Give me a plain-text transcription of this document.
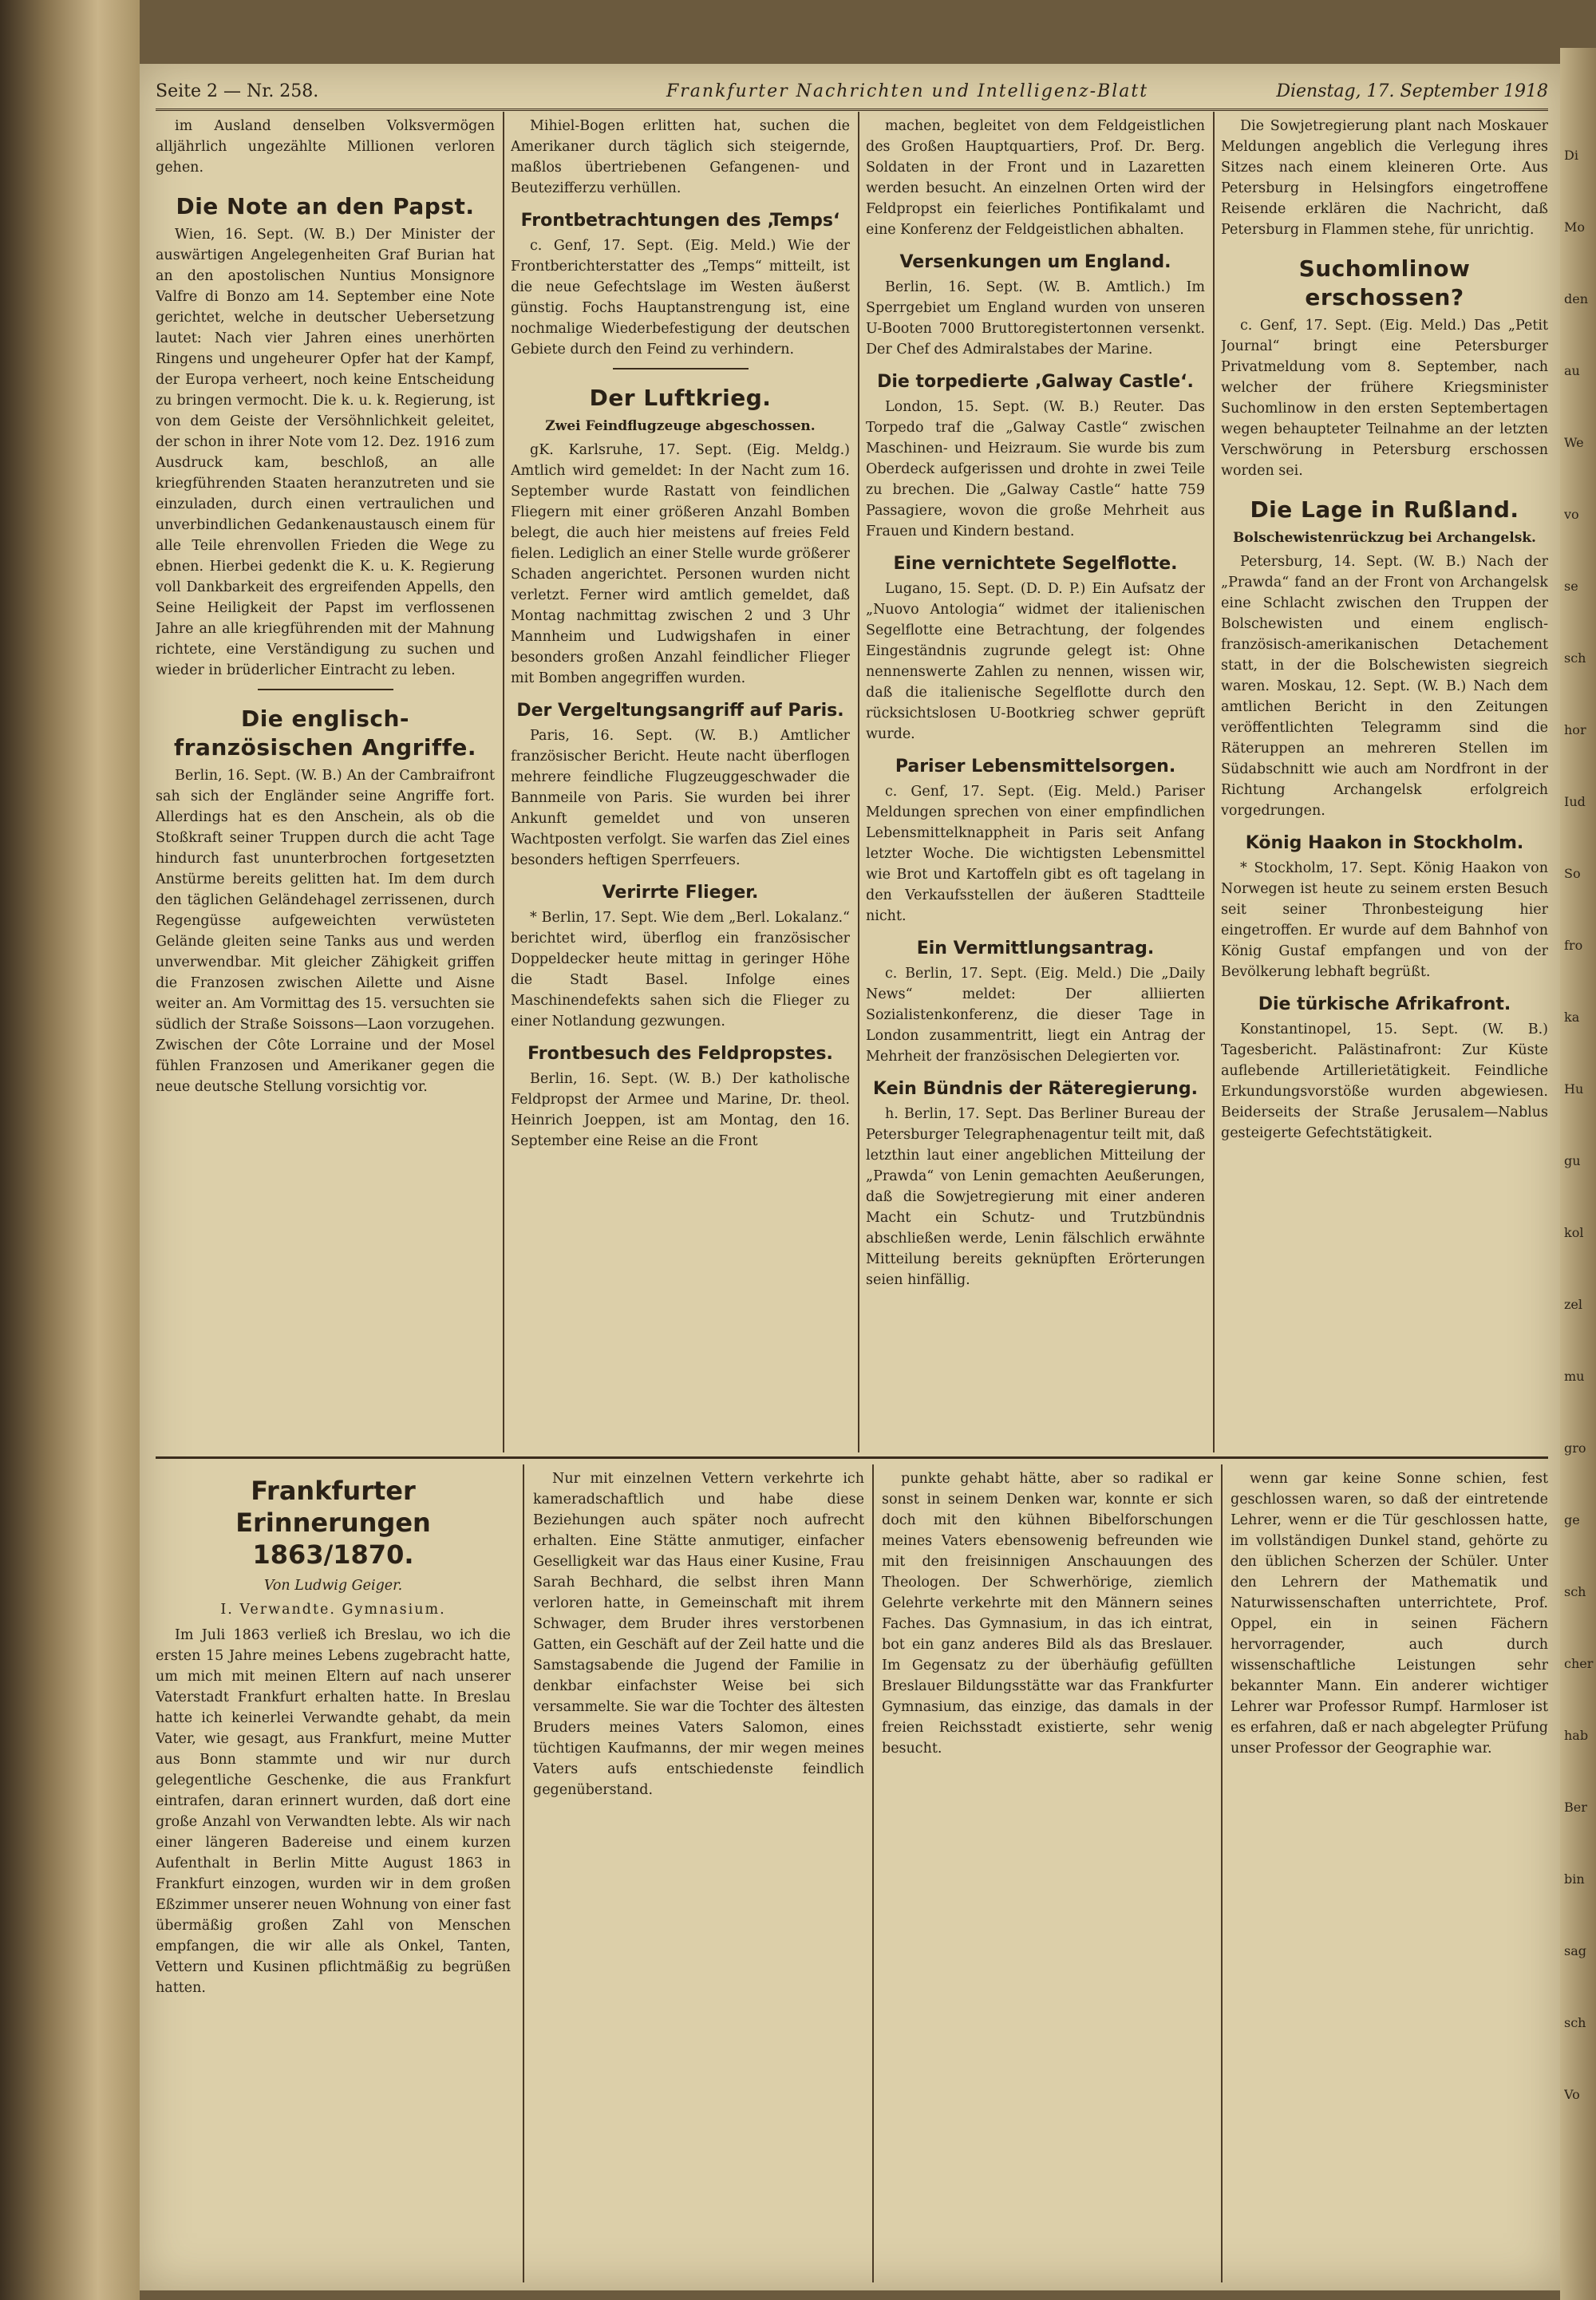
Seite 2 — Nr. 258.	Frankfurter Nachrichten und Intelligenz-Blatt	Dienstag, 17. September 1918

im Ausland denselben Volksvermögen alljährlich ungezählte Millionen verloren gehen.

Die Note an den Papst.

Wien, 16. Sept. (W. B.) Der Minister der auswärtigen Angelegenheiten Graf Burian hat an den apostolischen Nuntius Monsignore Valfre di Bonzo am 14. September eine Note gerichtet, welche in deutscher Uebersetzung lautet: Nach vier Jahren eines unerhörten Ringens und ungeheurer Opfer hat der Kampf, der Europa verheert, noch keine Entscheidung zu bringen vermocht. Die k. u. k. Regierung, ist von dem Geiste der Versöhnlichkeit geleitet, der schon in ihrer Note vom 12. Dez. 1916 zum Ausdruck kam, beschloß, an alle kriegführenden Staaten heranzutreten und sie einzuladen, durch einen vertraulichen und unverbindlichen Gedankenaustausch einem für alle Teile ehrenvollen Frieden die Wege zu ebnen. Hierbei gedenkt die K. u. K. Regierung voll Dankbarkeit des ergreifenden Appells, den Seine Heiligkeit der Papst im verflossenen Jahre an alle kriegführenden mit der Mahnung richtete, eine Verständigung zu suchen und wieder in brüderlicher Eintracht zu leben.

Die englisch-französischen Angriffe.

Berlin, 16. Sept. (W. B.) An der Cambraifront sah sich der Engländer seine Angriffe fort. Allerdings hat es den Anschein, als ob die Stoßkraft seiner Truppen durch die acht Tage hindurch fast ununterbrochen fortgesetzten Anstürme bereits gelitten hat. Im dem durch den täglichen Geländehagel zerrissenen, durch Regengüsse aufgeweichten verwüsteten Gelände gleiten seine Tanks aus und werden unverwendbar. Mit gleicher Zähigkeit griffen die Franzosen zwischen Ailette und Aisne weiter an. Am Vormittag des 15. versuchten sie südlich der Straße Soissons—Laon vorzugehen. Zwischen der Côte Lorraine und der Mosel fühlen Franzosen und Amerikaner gegen die neue deutsche Stellung vorsichtig vor.

Mihiel-Bogen erlitten hat, suchen die Amerikaner durch täglich sich steigernde, maßlos übertriebenen Gefangenen- und Beutezifferzu verhüllen.

Frontbetrachtungen des ‚Temps‘

c. Genf, 17. Sept. (Eig. Meld.) Wie der Frontberichterstatter des „Temps“ mitteilt, ist die neue Gefechtslage im Westen äußerst günstig. Fochs Hauptanstrengung ist, eine nochmalige Wiederbefestigung der deutschen Gebiete durch den Feind zu verhindern.

Der Luftkrieg.
Zwei Feindflugzeuge abgeschossen.

gK. Karlsruhe, 17. Sept. (Eig. Meldg.) Amtlich wird gemeldet: In der Nacht zum 16. September wurde Rastatt von feindlichen Fliegern mit einer größeren Anzahl Bomben belegt, die auch hier meistens auf freies Feld fielen. Lediglich an einer Stelle wurde größerer Schaden angerichtet. Personen wurden nicht verletzt. Ferner wird amtlich gemeldet, daß Montag nachmittag zwischen 2 und 3 Uhr Mannheim und Ludwigshafen in einer besonders großen Anzahl feindlicher Flieger mit Bomben angegriffen wurden.

Der Vergeltungsangriff auf Paris.

Paris, 16. Sept. (W. B.) Amtlicher französischer Bericht. Heute nacht überflogen mehrere feindliche Flugzeuggeschwader die Bannmeile von Paris. Sie wurden bei ihrer Ankunft gemeldet und von unseren Wachtposten verfolgt. Sie warfen das Ziel eines besonders heftigen Sperrfeuers.

Verirrte Flieger.

* Berlin, 17. Sept. Wie dem „Berl. Lokalanz.“ berichtet wird, überflog ein französischer Doppeldecker heute mittag in geringer Höhe die Stadt Basel. Infolge eines Maschinendefekts sahen sich die Flieger zu einer Notlandung gezwungen.

Frontbesuch des Feldpropstes.

Berlin, 16. Sept. (W. B.) Der katholische Feldpropst der Armee und Marine, Dr. theol. Heinrich Joeppen, ist am Montag, den 16. September eine Reise an die Front

machen, begleitet von dem Feldgeistlichen des Großen Hauptquartiers, Prof. Dr. Berg. Soldaten in der Front und in Lazaretten werden besucht. An einzelnen Orten wird der Feldpropst ein feierliches Pontifikalamt und eine Konferenz der Feldgeistlichen abhalten.

Versenkungen um England.

Berlin, 16. Sept. (W. B. Amtlich.) Im Sperrgebiet um England wurden von unseren U-Booten 7000 Bruttoregistertonnen versenkt. Der Chef des Admiralstabes der Marine.

Die torpedierte ‚Galway Castle‘.

London, 15. Sept. (W. B.) Reuter. Das Torpedo traf die „Galway Castle“ zwischen Maschinen- und Heizraum. Sie wurde bis zum Oberdeck aufgerissen und drohte in zwei Teile zu brechen. Die „Galway Castle“ hatte 759 Passagiere, wovon die große Mehrheit aus Frauen und Kindern bestand.

Eine vernichtete Segelflotte.

Lugano, 15. Sept. (D. D. P.) Ein Aufsatz der „Nuovo Antologia“ widmet der italienischen Segelflotte eine Betrachtung, der folgendes Eingeständnis zugrunde gelegt ist: Ohne nennenswerte Zahlen zu nennen, wissen wir, daß die italienische Segelflotte durch den rücksichtslosen U-Bootkrieg schwer geprüft wurde.

Pariser Lebensmittelsorgen.

c. Genf, 17. Sept. (Eig. Meld.) Pariser Meldungen sprechen von einer empfindlichen Lebensmittelknappheit in Paris seit Anfang letzter Woche. Die wichtigsten Lebensmittel wie Brot und Kartoffeln gibt es oft tagelang in den Verkaufsstellen der äußeren Stadtteile nicht.

Ein Vermittlungsantrag.

c. Berlin, 17. Sept. (Eig. Meld.) Die „Daily News“ meldet: Der alliierten Sozialistenkonferenz, die dieser Tage in London zusammentritt, liegt ein Antrag der Mehrheit der französischen Delegierten vor.

Kein Bündnis der Räteregierung.

h. Berlin, 17. Sept. Das Berliner Bureau der Petersburger Telegraphenagentur teilt mit, daß letzthin laut einer angeblichen Mitteilung der „Prawda“ von Lenin gemachten Aeußerungen, daß die Sowjetregierung mit einer anderen Macht ein Schutz- und Trutzbündnis abschließen werde, Lenin fälschlich erwähnte Mitteilung bereits geknüpften Erörterungen seien hinfällig.

Die Sowjetregierung plant nach Moskauer Meldungen angeblich die Verlegung ihres Sitzes nach einem kleineren Orte. Aus Petersburg in Helsingfors eingetroffene Reisende erklären die Nachricht, daß Petersburg in Flammen stehe, für unrichtig.

Suchomlinow erschossen?

c. Genf, 17. Sept. (Eig. Meld.) Das „Petit Journal“ bringt eine Petersburger Privatmeldung vom 8. September, nach welcher der frühere Kriegsminister Suchomlinow in den ersten Septembertagen wegen behaupteter Teilnahme an der letzten Verschwörung in Petersburg erschossen worden sei.

Die Lage in Rußland.
Bolschewistenrückzug bei Archangelsk.

Petersburg, 14. Sept. (W. B.) Nach der „Prawda“ fand an der Front von Archangelsk eine Schlacht zwischen den Truppen der Bolschewisten und einem englisch-französisch-amerikanischen Detachement statt, in der die Bolschewisten siegreich waren. Moskau, 12. Sept. (W. B.) Nach dem amtlichen Bericht in den Zeitungen veröffentlichten Telegramm sind die Räteruppen an mehreren Stellen im Südabschnitt wie auch am Nordfront in der Richtung Archangelsk erfolgreich vorgedrungen.

König Haakon in Stockholm.

* Stockholm, 17. Sept. König Haakon von Norwegen ist heute zu seinem ersten Besuch seit seiner Thronbesteigung hier eingetroffen. Er wurde auf dem Bahnhof von König Gustaf empfangen und von der Bevölkerung lebhaft begrüßt.

Die türkische Afrikafront.

Konstantinopel, 15. Sept. (W. B.) Tagesbericht. Palästinafront: Zur Küste auflebende Artillerietätigkeit. Feindliche Erkundungsvorstöße wurden abgewiesen. Beiderseits der Straße Jerusalem—Nablus gesteigerte Gefechtstätigkeit.

Frankfurter Erinnerungen 1863/1870.
Von Ludwig Geiger.
I. Verwandte. Gymnasium.

Im Juli 1863 verließ ich Breslau, wo ich die ersten 15 Jahre meines Lebens zugebracht hatte, um mich mit meinen Eltern auf nach unserer Vaterstadt Frankfurt erhalten hatte. In Breslau hatte ich keinerlei Verwandte gehabt, da mein Vater, wie gesagt, aus Frankfurt, meine Mutter aus Bonn stammte und wir nur durch gelegentliche Geschenke, die aus Frankfurt eintrafen, daran erinnert wurden, daß dort eine große Anzahl von Verwandten lebte. Als wir nach einer längeren Badereise und einem kurzen Aufenthalt in Berlin Mitte August 1863 in Frankfurt einzogen, wurden wir in dem großen Eßzimmer unserer neuen Wohnung von einer fast übermäßig großen Zahl von Menschen empfangen, die wir alle als Onkel, Tanten, Vettern und Kusinen pflichtmäßig zu begrüßen hatten.

Nur mit einzelnen Vettern verkehrte ich kameradschaftlich und habe diese Beziehungen auch später noch aufrecht erhalten. Eine Stätte anmutiger, einfacher Geselligkeit war das Haus einer Kusine, Frau Sarah Bechhard, die selbst ihren Mann verloren hatte, in Gemeinschaft mit ihrem Schwager, dem Bruder ihres verstorbenen Gatten, ein Geschäft auf der Zeil hatte und die Samstagsabende die Jugend der Familie in denkbar einfachster Weise bei sich versammelte. Sie war die Tochter des ältesten Bruders meines Vaters Salomon, eines tüchtigen Kaufmanns, der mir wegen meines Vaters aufs entschiedenste feindlich gegenüberstand.

punkte gehabt hätte, aber so radikal er sonst in seinem Denken war, konnte er sich doch mit den kühnen Bibelforschungen meines Vaters ebensowenig befreunden wie mit den freisinnigen Anschauungen des Theologen. Der Schwerhörige, ziemlich Gelehrte verkehrte mit den Männern seines Faches. Das Gymnasium, in das ich eintrat, bot ein ganz anderes Bild als das Breslauer. Im Gegensatz zu der überhäufig gefüllten Breslauer Bildungsstätte war das Frankfurter Gymnasium, das einzige, das damals in der freien Reichsstadt existierte, sehr wenig besucht.

wenn gar keine Sonne schien, fest geschlossen waren, so daß der eintretende Lehrer, wenn er die Tür geschlossen hatte, im vollständigen Dunkel stand, gehörte zu den üblichen Scherzen der Schüler. Unter den Lehrern der Mathematik und Naturwissenschaften unterrichtete, Prof. Oppel, ein in seinen Fächern hervorragender, auch durch wissenschaftliche Leistungen sehr bekannter Mann. Ein anderer wichtiger Lehrer war Professor Rumpf. Harmloser ist es erfahren, daß er nach abgelegter Prüfung unser Professor der Geographie war.

Di
Mo
den
au
We
vo
se
sch
hor
Iud
So
fro
ka
Hu
gu
kol
zel
mu
gro
ge
sch
cher
hab
Ber
bin
sag
sch
Vo
